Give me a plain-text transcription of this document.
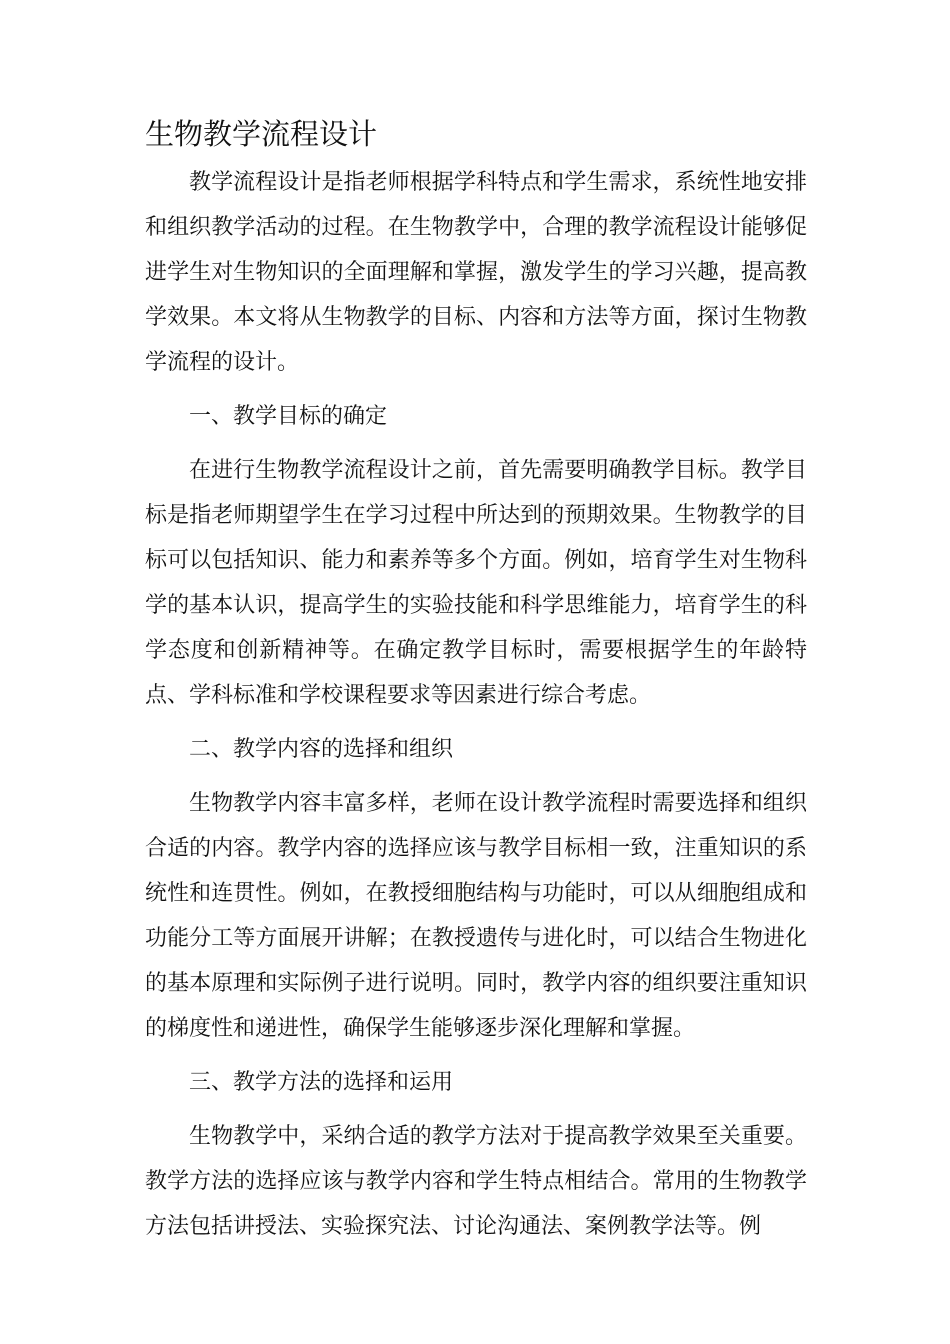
生物教学流程设计

教学流程设计是指老师根据学科特点和学生需求，系统性地安排和组织教学活动的过程。在生物教学中，合理的教学流程设计能够促进学生对生物知识的全面理解和掌握，激发学生的学习兴趣，提高教学效果。本文将从生物教学的目标、内容和方法等方面，探讨生物教学流程的设计。

一、教学目标的确定

在进行生物教学流程设计之前，首先需要明确教学目标。教学目标是指老师期望学生在学习过程中所达到的预期效果。生物教学的目标可以包括知识、能力和素养等多个方面。例如，培育学生对生物科学的基本认识，提高学生的实验技能和科学思维能力，培育学生的科学态度和创新精神等。在确定教学目标时，需要根据学生的年龄特点、学科标准和学校课程要求等因素进行综合考虑。

二、教学内容的选择和组织

生物教学内容丰富多样，老师在设计教学流程时需要选择和组织合适的内容。教学内容的选择应该与教学目标相一致，注重知识的系统性和连贯性。例如，在教授细胞结构与功能时，可以从细胞组成和功能分工等方面展开讲解；在教授遗传与进化时，可以结合生物进化的基本原理和实际例子进行说明。同时，教学内容的组织要注重知识的梯度性和递进性，确保学生能够逐步深化理解和掌握。

三、教学方法的选择和运用

生物教学中，采纳合适的教学方法对于提高教学效果至关重要。教学方法的选择应该与教学内容和学生特点相结合。常用的生物教学方法包括讲授法、实验探究法、讨论沟通法、案例教学法等。例
